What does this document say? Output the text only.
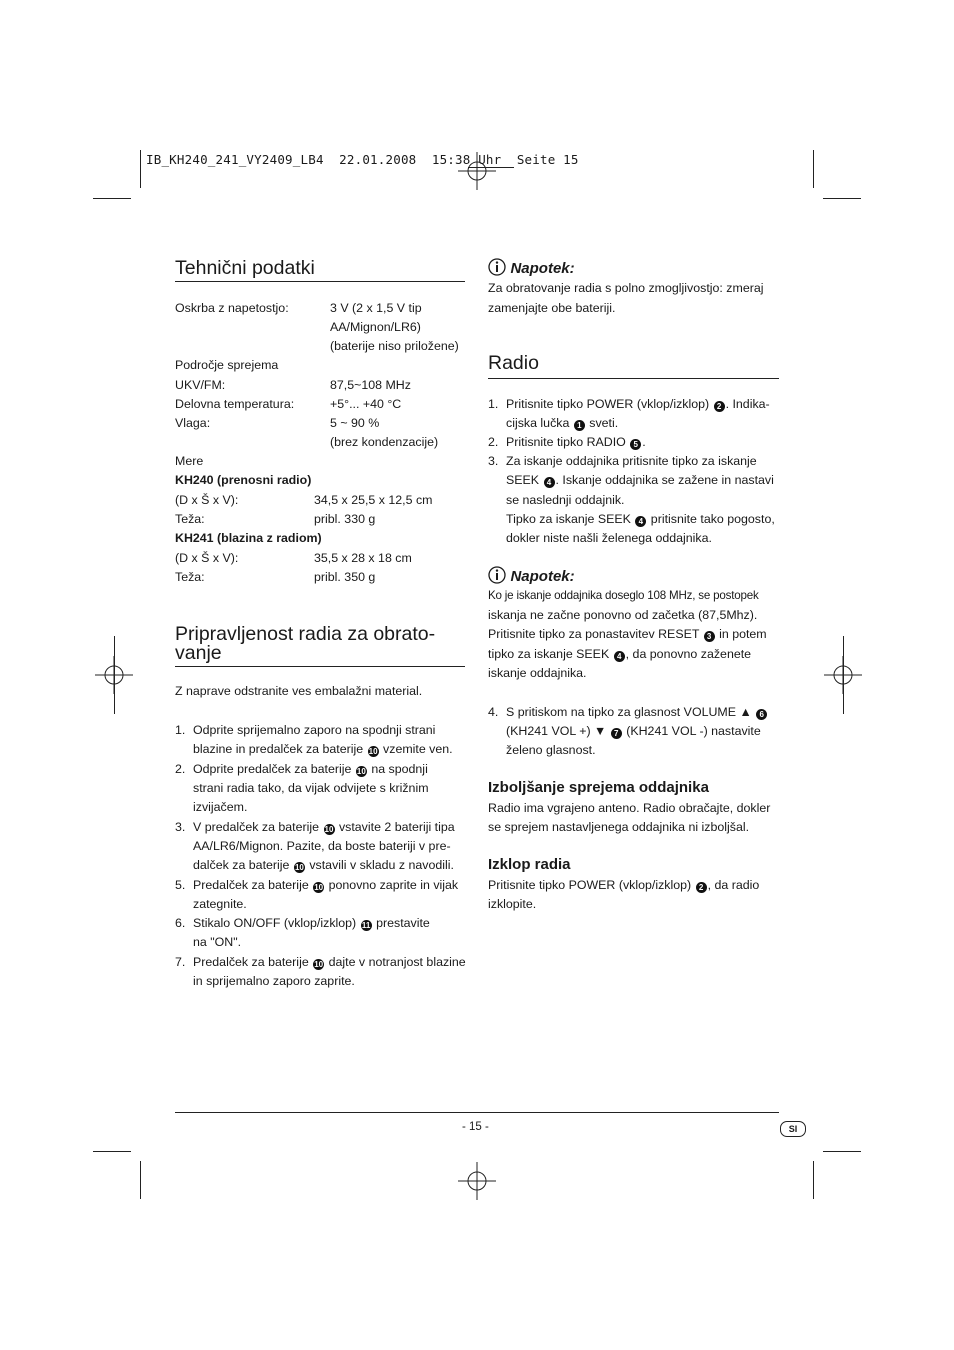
IB_KH240_241_VY2409_LB4  22.01.2008  15:38 Uhr  Seite 15
Tehnični podatki
Oskrba z napetostjo:	3 V (2 x 1,5 V tip
AA/Mignon/LR6)
(baterije niso priložene)
Področje sprejema
UKV/FM:	87,5~108 MHz
Delovna temperatura:	+5°... +40 °C
Vlaga:	5 ~ 90 %
(brez kondenzacije)
Mere
KH240 (prenosni radio)
(D x Š x V):	34,5 x 25,5 x 12,5 cm
Teža:	pribl. 330 g
KH241 (blazina z radiom)
(D x Š x V):	35,5 x 28 x 18 cm
Teža:	pribl. 350 g
Pripravljenost radia za obrato-
vanje
Z naprave odstranite ves embalažni material.
1. Odprite sprijemalno zaporo na spodnji strani
blazine in predalček za baterije 10 vzemite ven.
2. Odprite predalček za baterije 10 na spodnji
strani radia tako, da vijak odvijete s križnim
izvijačem.
3. V predalček za baterije 10 vstavite 2 bateriji tipa
AA/LR6/Mignon. Pazite, da boste bateriji v pre-
dalček za baterije 10 vstavili v skladu z navodili.
5. Predalček za baterije 10 ponovno zaprite in vijak
zategnite.
6. Stikalo ON/OFF (vklop/izklop) 11 prestavite
na "ON".
7. Predalček za baterije 10 dajte v notranjost blazine
in sprijemalno zaporo zaprite.
Napotek:
Za obratovanje radia s polno zmogljivostjo: zmeraj
zamenjajte obe bateriji.
Radio
1. Pritisnite tipko POWER (vklop/izklop) 2 . Indika-
cijska lučka 1 sveti.
2. Pritisnite tipko RADIO 5 .
3. Za iskanje oddajnika pritisnite tipko za iskanje
SEEK 4 . Iskanje oddajnika se zažene in nastavi
se naslednji oddajnik.
Tipko za iskanje SEEK 4 pritisnite tako pogosto,
dokler niste našli želenega oddajnika.
Napotek:
Ko je iskanje oddajnika doseglo 108 MHz, se postopek
iskanja ne začne ponovno od začetka (87,5Mhz).
Pritisnite tipko za ponastavitev RESET 3 in potem
tipko za iskanje SEEK 4 , da ponovno zaženete
iskanje oddajnika.
4. S pritiskom na tipko za glasnost VOLUME ▲ 6
(KH241 VOL +) ▼ 7 (KH241 VOL -) nastavite
želeno glasnost.
Izboljšanje sprejema oddajnika
Radio ima vgrajeno anteno. Radio obračajte, dokler
se sprejem nastavljenega oddajnika ni izboljšal.
Izklop radia
Pritisnite tipko POWER (vklop/izklop) 2 , da radio
izklopite.
- 15 -	SI
